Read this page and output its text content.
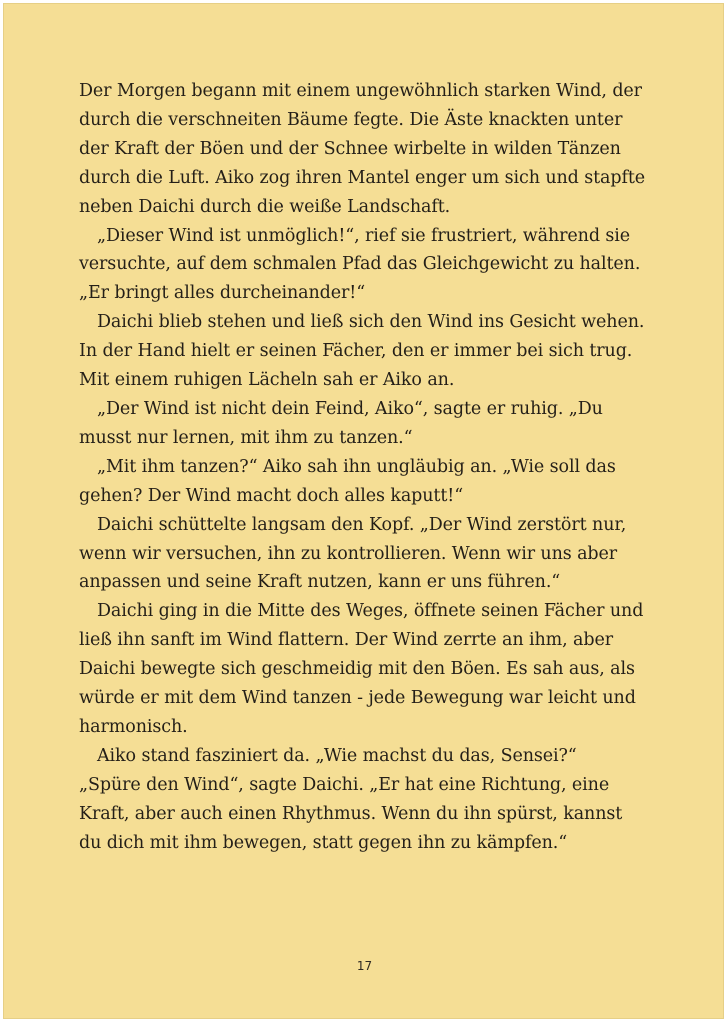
Der Morgen begann mit einem ungewöhnlich starken Wind, der
durch die verschneiten Bäume fegte. Die Äste knackten unter
der Kraft der Böen und der Schnee wirbelte in wilden Tänzen
durch die Luft. Aiko zog ihren Mantel enger um sich und stapfte
neben Daichi durch die weiße Landschaft.
„Dieser Wind ist unmöglich!“, rief sie frustriert, während sie
versuchte, auf dem schmalen Pfad das Gleichgewicht zu halten.
„Er bringt alles durcheinander!“
Daichi blieb stehen und ließ sich den Wind ins Gesicht wehen.
In der Hand hielt er seinen Fächer, den er immer bei sich trug.
Mit einem ruhigen Lächeln sah er Aiko an.
„Der Wind ist nicht dein Feind, Aiko“, sagte er ruhig. „Du
musst nur lernen, mit ihm zu tanzen.“
„Mit ihm tanzen?“ Aiko sah ihn ungläubig an. „Wie soll das
gehen? Der Wind macht doch alles kaputt!“
Daichi schüttelte langsam den Kopf. „Der Wind zerstört nur,
wenn wir versuchen, ihn zu kontrollieren. Wenn wir uns aber
anpassen und seine Kraft nutzen, kann er uns führen.“
Daichi ging in die Mitte des Weges, öffnete seinen Fächer und
ließ ihn sanft im Wind flattern. Der Wind zerrte an ihm, aber
Daichi bewegte sich geschmeidig mit den Böen. Es sah aus, als
würde er mit dem Wind tanzen - jede Bewegung war leicht und
harmonisch.
Aiko stand fasziniert da. „Wie machst du das, Sensei?“
„Spüre den Wind“, sagte Daichi. „Er hat eine Richtung, eine
Kraft, aber auch einen Rhythmus. Wenn du ihn spürst, kannst
du dich mit ihm bewegen, statt gegen ihn zu kämpfen.“
17
